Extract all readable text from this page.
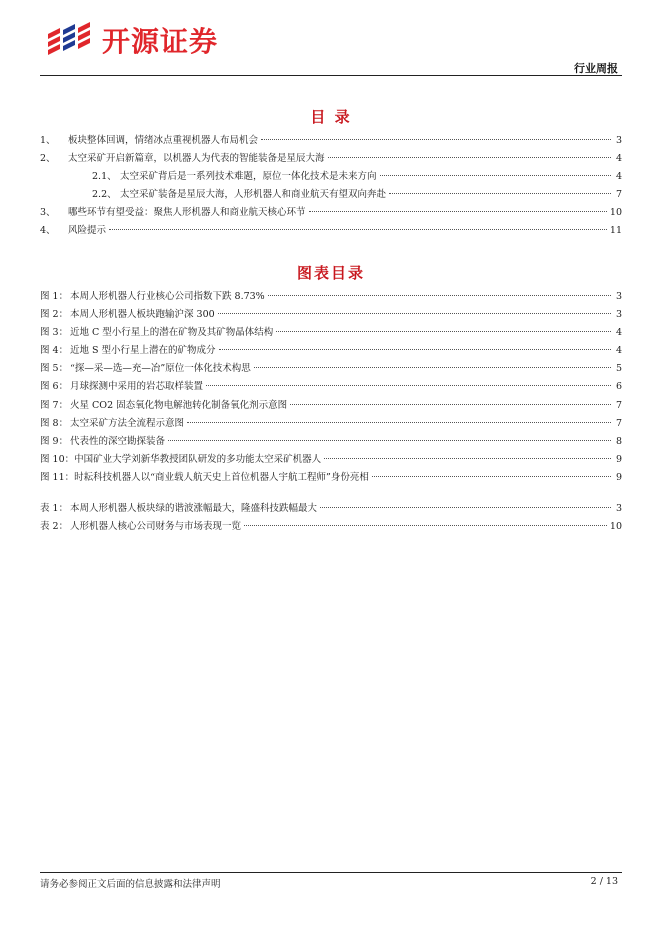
开源证券
行业周报
目 录
1、	板块整体回调，情绪冰点重视机器人布局机会	3
2、	太空采矿开启新篇章，以机器人为代表的智能装备是星辰大海	4
2.1、 太空采矿背后是一系列技术难题，原位一体化技术是未来方向	4
2.2、 太空采矿装备是星辰大海，人形机器人和商业航天有望双向奔赴	7
3、	哪些环节有望受益：聚焦人形机器人和商业航天核心环节	10
4、	风险提示	11
图表目录
图 1： 本周人形机器人行业核心公司指数下跌 8.73%	3
图 2： 本周人形机器人板块跑输沪深 300	3
图 3： 近地 C 型小行星上的潜在矿物及其矿物晶体结构	4
图 4： 近地 S 型小行星上潜在的矿物成分	4
图 5： “探—采—选—充—冶”原位一体化技术构思	5
图 6： 月球探测中采用的岩芯取样装置	6
图 7： 火星 CO2 固态氧化物电解池转化制备氧化剂示意图	7
图 8： 太空采矿方法全流程示意图	7
图 9： 代表性的深空勘探装备	8
图 10： 中国矿业大学刘新华教授团队研发的多功能太空采矿机器人	9
图 11： 时耘科技机器人以“商业载人航天史上首位机器人宇航工程师”身份亮相	9
表 1： 本周人形机器人板块绿的谐波涨幅最大，隆盛科技跌幅最大	3
表 2： 人形机器人核心公司财务与市场表现一览	10
请务必参阅正文后面的信息披露和法律声明	2 / 13
